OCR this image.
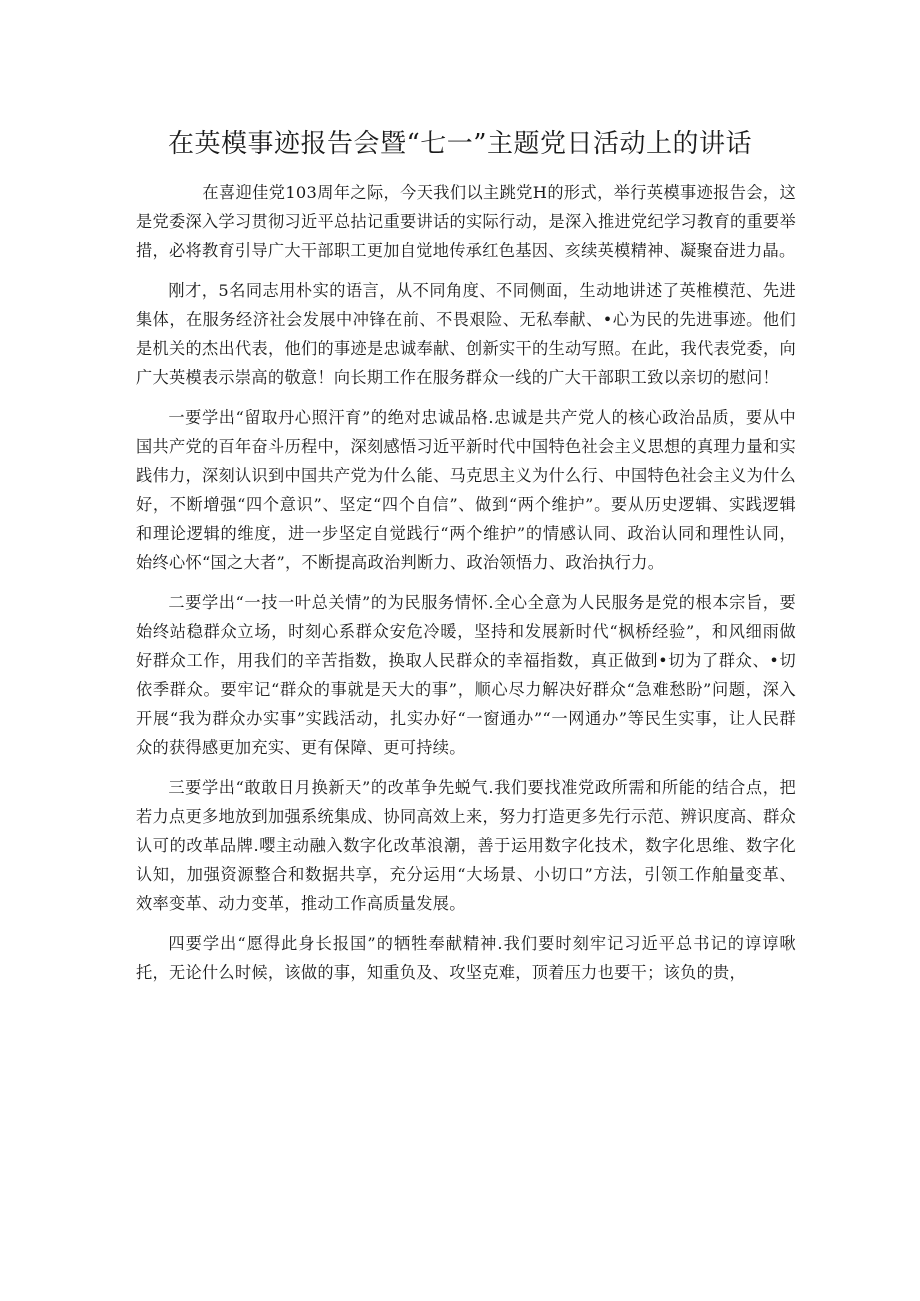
在英模事迹报告会暨“七一”主题党日活动上的讲话

在喜迎佳党103周年之际，今天我们以主跳党H的形式，举行英模事迹报告会，这是党委深入学习贯彻习近平总拈记重要讲话的实际行动，是深入推进党纪学习教育的重要举措，必将教育引导广大干部职工更加自觉地传承红色基因、亥续英模精神、凝聚奋进力晶。

刚才，5名同志用朴实的语言，从不同角度、不同侧面，生动地讲述了英椎模范、先进集体，在服务经济社会发展中冲锋在前、不畏艰险、无私奉献、•心为民的先进事迹。他们是机关的杰出代表，他们的事迹是忠诚奉献、创新实干的生动写照。在此，我代表党委，向广大英模表示崇高的敬意！向长期工作在服务群众一线的广大干部职工致以亲切的慰问！

一要学出“留取丹心照汗育”的绝对忠诚品格.忠诚是共产党人的核心政治品质，要从中国共产党的百年奋斗历程中，深刻感悟习近平新时代中国特色社会主义思想的真理力量和实践伟力，深刻认识到中国共产党为什么能、马克思主义为什么行、中国特色社会主义为什么好，不断增强“四个意识”、坚定“四个自信”、做到“两个维护”。要从历史逻辑、实践逻辑和理论逻辑的维度，进一步坚定自觉践行“两个维护”的情感认同、政治认同和理性认同，始终心怀“国之大者”，不断提高政治判断力、政治领悟力、政治执行力。

二要学出“一技一叶总关情”的为民服务情怀.全心全意为人民服务是党的根本宗旨，要始终站稳群众立场，时刻心系群众安危冷暖，坚持和发展新时代“枫桥经验”，和风细雨做好群众工作，用我们的辛苦指数，换取人民群众的幸福指数，真正做到•切为了群众、•切依季群众。要牢记“群众的事就是天大的事”，顺心尽力解决好群众“急难愁盼”问题，深入开展“我为群众办实事”实践活动，扎实办好“一窗通办”“一网通办”等民生实事，让人民群众的获得感更加充实、更有保障、更可持续。

三要学出“敢敢日月换新天”的改革争先蜕气.我们要找准党政所需和所能的结合点，把若力点更多地放到加强系统集成、协同高效上来，努力打造更多先行示范、辨识度高、群众认可的改革品牌.嘤主动融入数字化改革浪潮，善于运用数字化技术，数字化思维、数字化认知，加强资源整合和数据共享，充分运用“大场景、小切口”方法，引领工作舶量变革、效率变革、动力变革，推动工作高质量发展。

四要学出“愿得此身长报国”的牺牲奉献精神.我们要时刻牢记习近平总书记的谆谆啾托，无论什么时候，该做的事，知重负及、攻坚克难，顶着压力也要干；该负的贵，
